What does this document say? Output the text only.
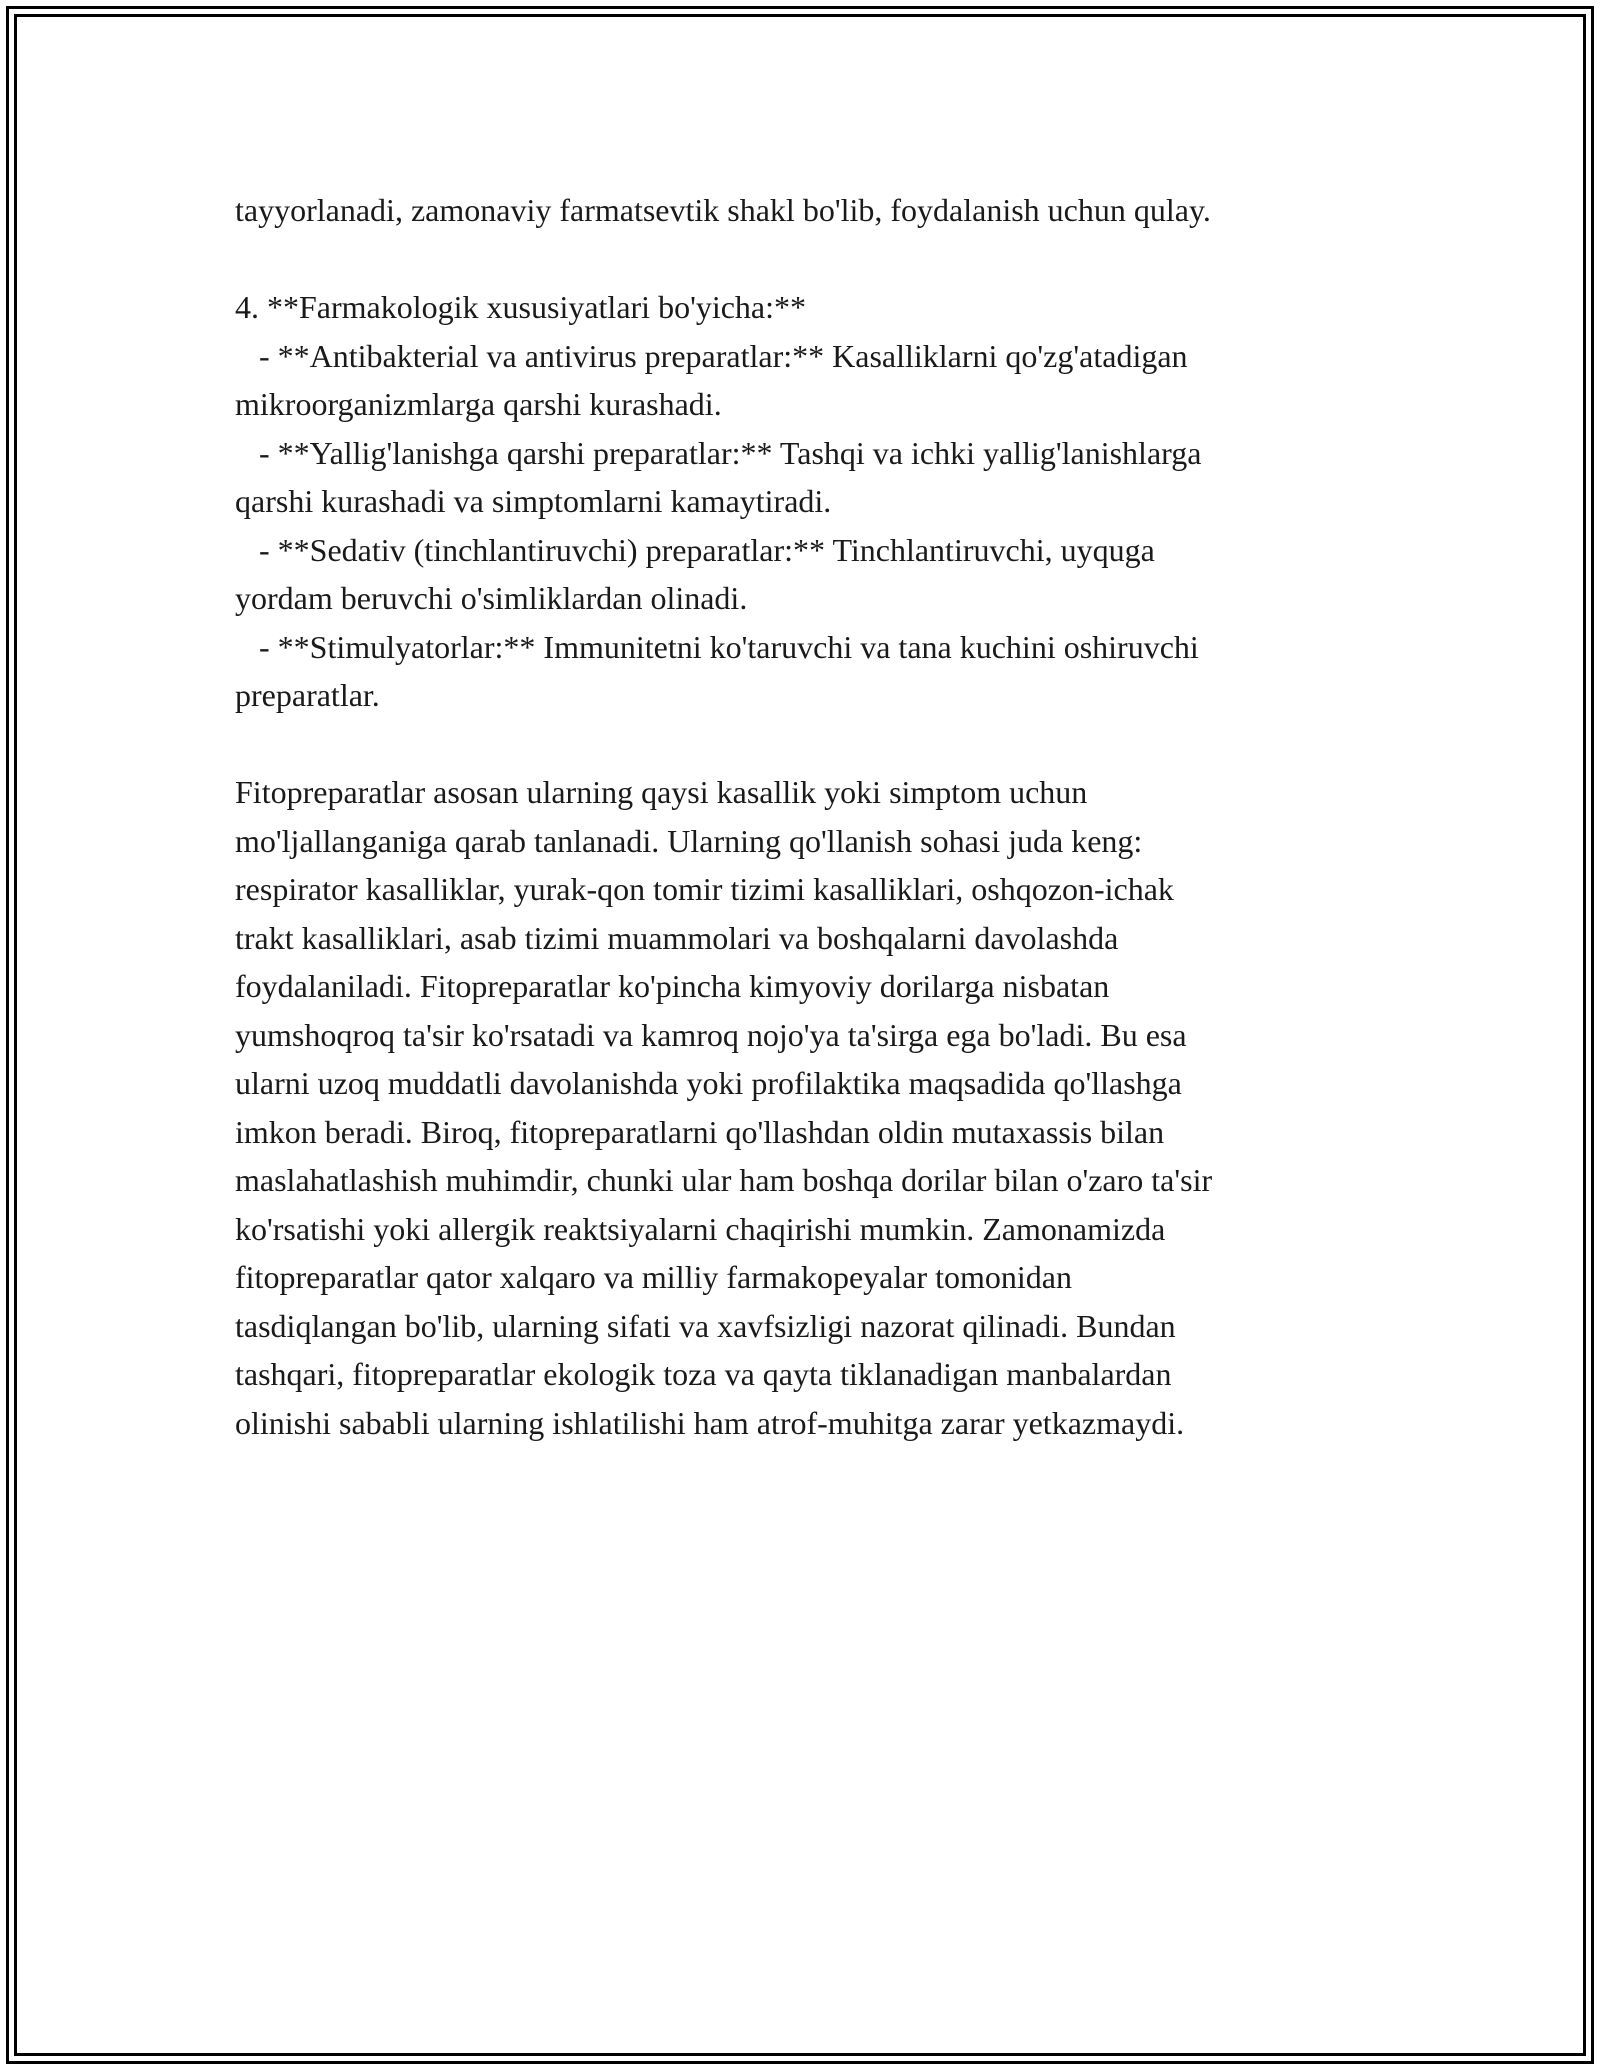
tayyorlanadi, zamonaviy farmatsevtik shakl bo'lib, foydalanish uchun qulay.
4. **Farmakologik xususiyatlari bo'yicha:**
- **Antibakterial va antivirus preparatlar:** Kasalliklarni qo'zg'atadigan
mikroorganizmlarga qarshi kurashadi.
- **Yallig'lanishga qarshi preparatlar:** Tashqi va ichki yallig'lanishlarga
qarshi kurashadi va simptomlarni kamaytiradi.
- **Sedativ (tinchlantiruvchi) preparatlar:** Tinchlantiruvchi, uyquga
yordam beruvchi o'simliklardan olinadi.
- **Stimulyatorlar:** Immunitetni ko'taruvchi va tana kuchini oshiruvchi
preparatlar.
Fitopreparatlar asosan ularning qaysi kasallik yoki simptom uchun
mo'ljallanganiga qarab tanlanadi. Ularning qo'llanish sohasi juda keng:
respirator kasalliklar, yurak-qon tomir tizimi kasalliklari, oshqozon-ichak
trakt kasalliklari, asab tizimi muammolari va boshqalarni davolashda
foydalaniladi. Fitopreparatlar ko'pincha kimyoviy dorilarga nisbatan
yumshoqroq ta'sir ko'rsatadi va kamroq nojo'ya ta'sirga ega bo'ladi. Bu esa
ularni uzoq muddatli davolanishda yoki profilaktika maqsadida qo'llashga
imkon beradi. Biroq, fitopreparatlarni qo'llashdan oldin mutaxassis bilan
maslahatlashish muhimdir, chunki ular ham boshqa dorilar bilan o'zaro ta'sir
ko'rsatishi yoki allergik reaktsiyalarni chaqirishi mumkin. Zamonamizda
fitopreparatlar qator xalqaro va milliy farmakopeyalar tomonidan
tasdiqlangan bo'lib, ularning sifati va xavfsizligi nazorat qilinadi. Bundan
tashqari, fitopreparatlar ekologik toza va qayta tiklanadigan manbalardan
olinishi sababli ularning ishlatilishi ham atrof-muhitga zarar yetkazmaydi.
